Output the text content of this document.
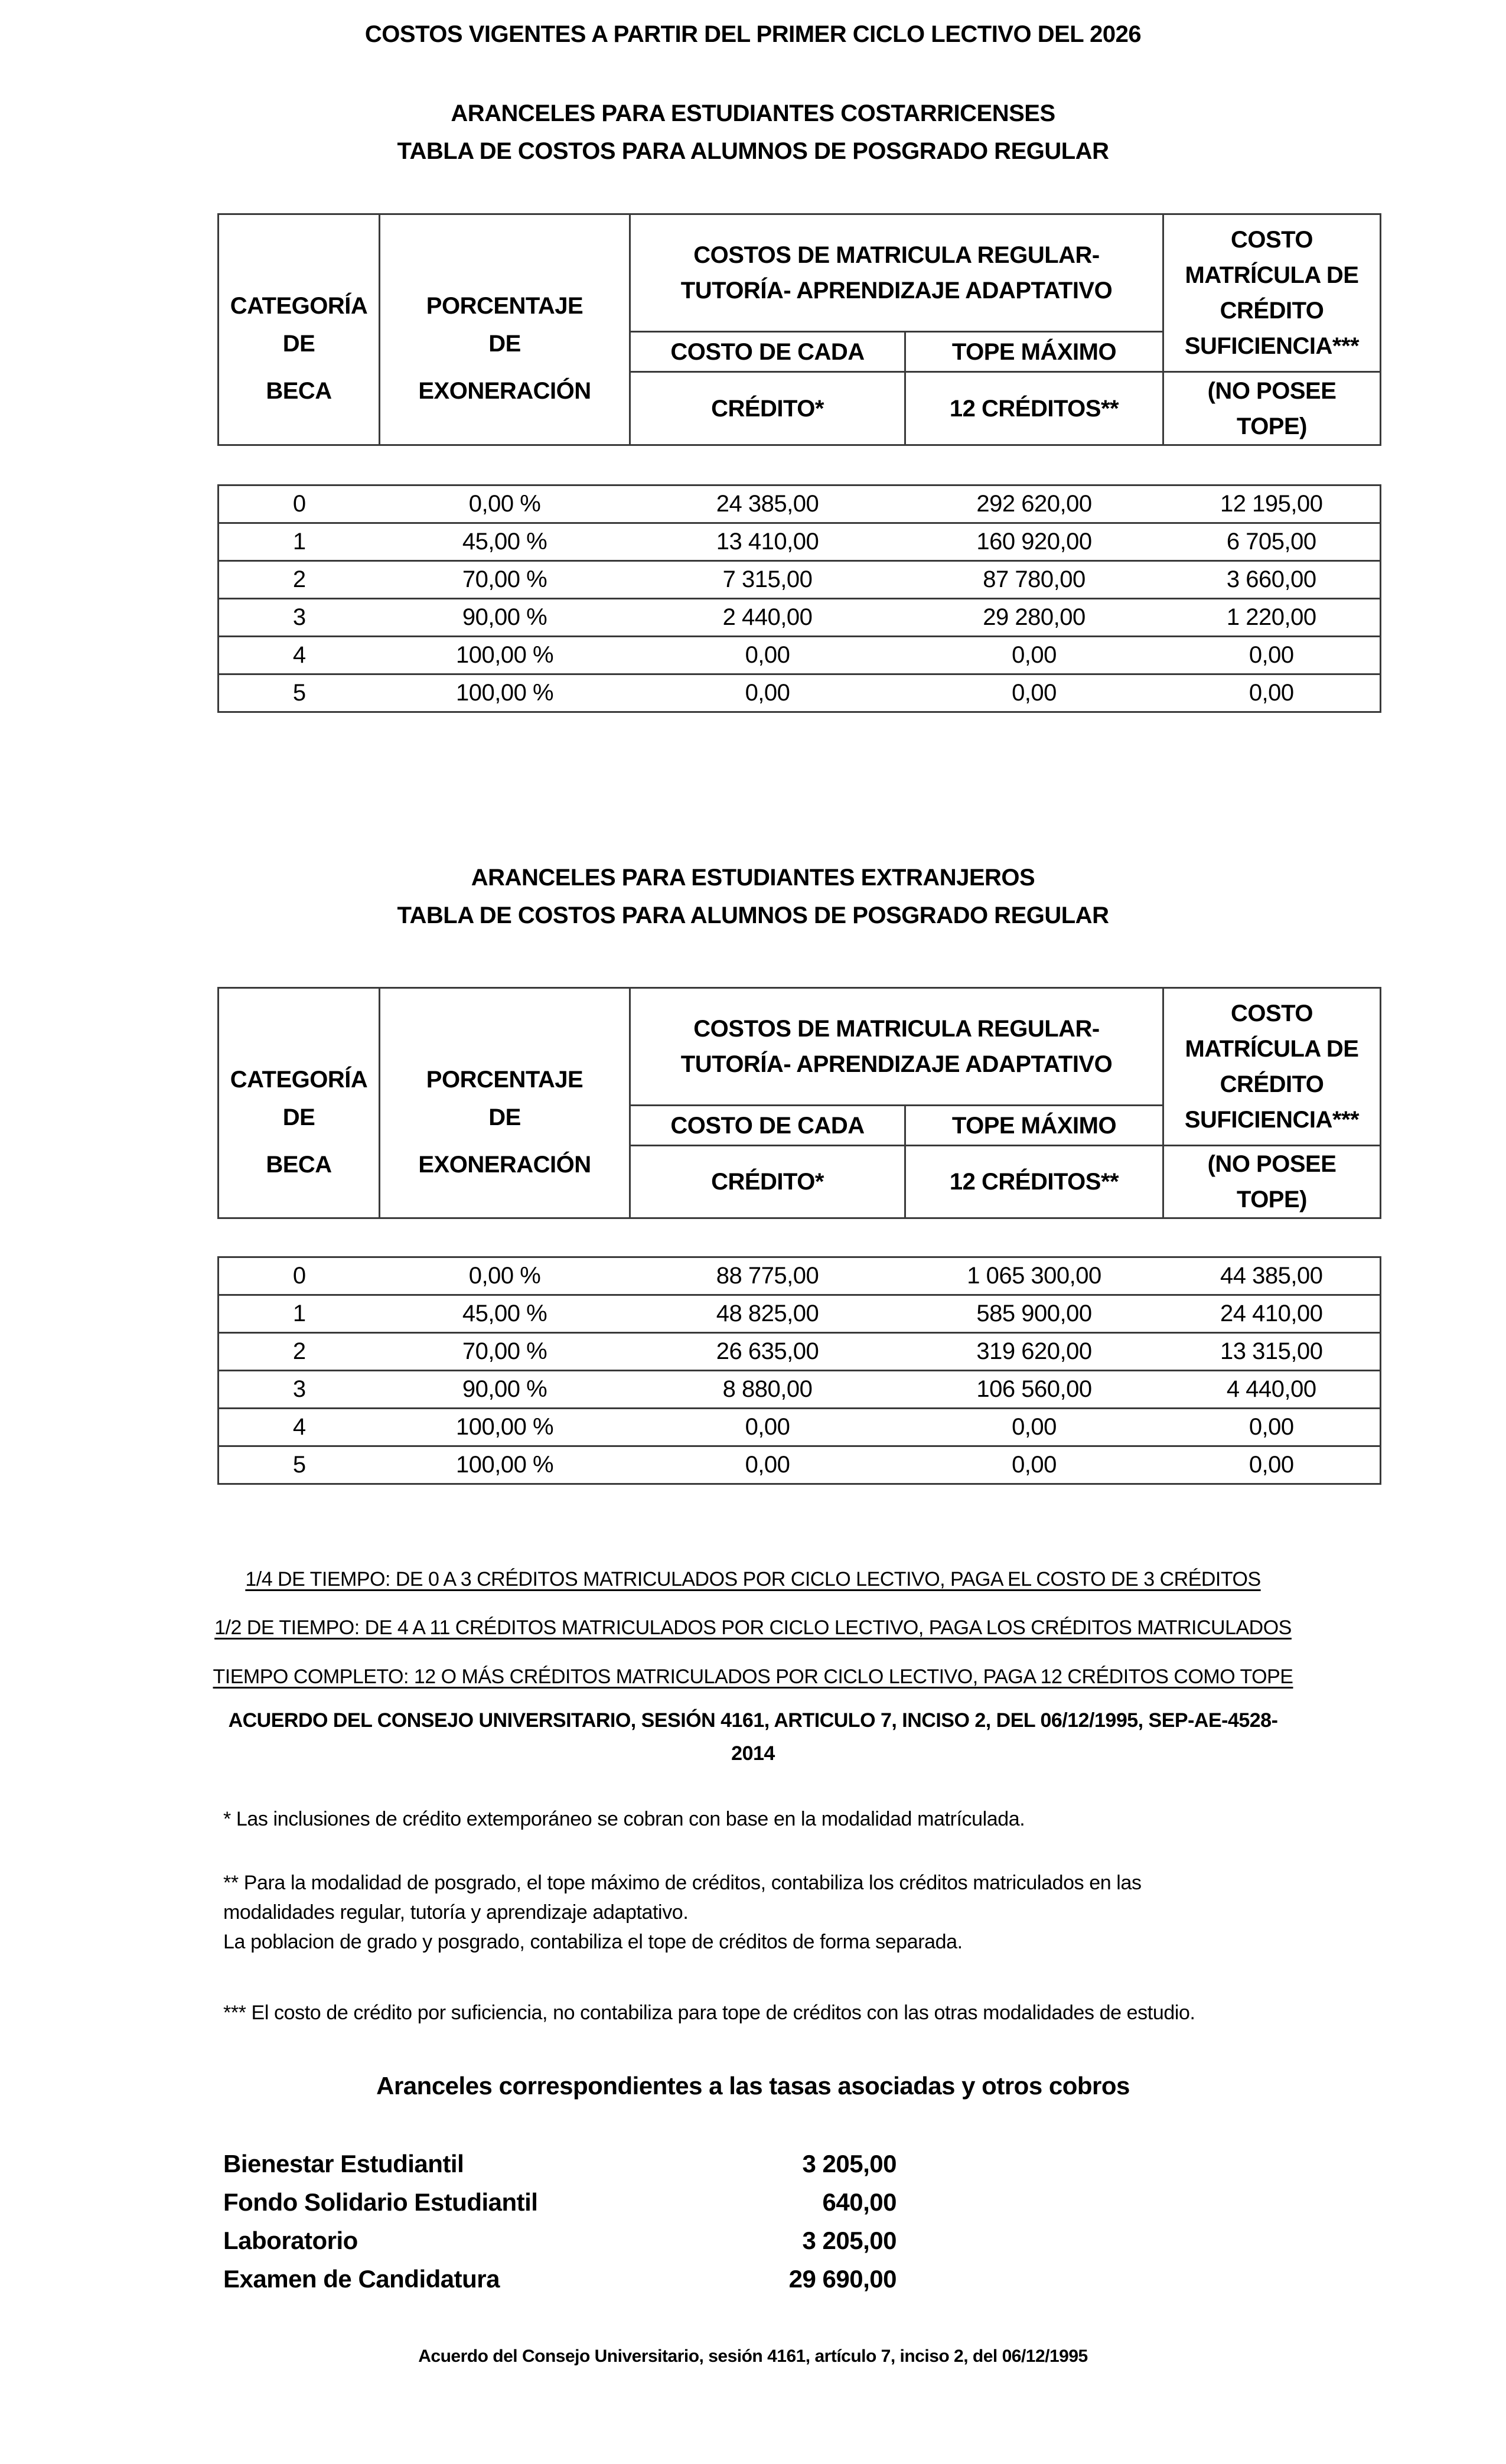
COSTOS VIGENTES A PARTIR DEL PRIMER CICLO LECTIVO DEL 2026
ARANCELES PARA ESTUDIANTES COSTARRICENSES
TABLA DE COSTOS PARA ALUMNOS DE POSGRADO REGULAR
CATEGORÍA
DE
BECA

PORCENTAJE
DE
EXONERACIÓN

COSTOS DE MATRICULA REGULAR-
TUTORÍA- APRENDIZAJE ADAPTATIVO

COSTO
MATRÍCULA DE
CRÉDITO
SUFICIENCIA***

		COSTO DE CADA	TOPE MÁXIMO	
		CRÉDITO*	12 CRÉDITOS**	(NO POSEE
TOPE)
0	0,00 %	24 385,00	292 620,00	12 195,00
1	45,00 %	13 410,00	160 920,00	6 705,00
2	70,00 %	7 315,00	87 780,00	3 660,00
3	90,00 %	2 440,00	29 280,00	1 220,00
4	100,00 %	0,00	0,00	0,00
5	100,00 %	0,00	0,00	0,00
ARANCELES PARA ESTUDIANTES EXTRANJEROS
TABLA DE COSTOS PARA ALUMNOS DE POSGRADO REGULAR
CATEGORÍA
DE
BECA

PORCENTAJE
DE
EXONERACIÓN

COSTOS DE MATRICULA REGULAR-
TUTORÍA- APRENDIZAJE ADAPTATIVO

COSTO
MATRÍCULA DE
CRÉDITO
SUFICIENCIA***

		COSTO DE CADA	TOPE MÁXIMO	
		CRÉDITO*	12 CRÉDITOS**	(NO POSEE
TOPE)
0	0,00 %	88 775,00	1 065 300,00	44 385,00
1	45,00 %	48 825,00	585 900,00	24 410,00
2	70,00 %	26 635,00	319 620,00	13 315,00
3	90,00 %	8 880,00	106 560,00	4 440,00
4	100,00 %	0,00	0,00	0,00
5	100,00 %	0,00	0,00	0,00
1/4 DE TIEMPO: DE 0 A 3 CRÉDITOS MATRICULADOS POR CICLO LECTIVO, PAGA EL COSTO DE 3 CRÉDITOS
1/2 DE TIEMPO: DE 4 A 11 CRÉDITOS MATRICULADOS POR CICLO LECTIVO, PAGA LOS CRÉDITOS MATRICULADOS
TIEMPO COMPLETO: 12 O MÁS CRÉDITOS MATRICULADOS POR CICLO LECTIVO, PAGA 12 CRÉDITOS COMO TOPE
ACUERDO DEL CONSEJO UNIVERSITARIO, SESIÓN 4161, ARTICULO 7, INCISO 2, DEL 06/12/1995, SEP-AE-4528-
2014
* Las inclusiones de crédito extemporáneo se cobran con base en la modalidad matrículada.
** Para la modalidad de posgrado, el tope máximo de créditos, contabiliza los créditos matriculados en las
modalidades regular, tutoría y aprendizaje adaptativo.
La poblacion de grado y posgrado, contabiliza el tope de créditos de forma separada.
*** El costo de crédito por suficiencia, no contabiliza para tope de créditos con las otras modalidades de estudio.
Aranceles correspondientes a las tasas asociadas y otros cobros
Bienestar Estudiantil	3 205,00
Fondo Solidario Estudiantil	640,00
Laboratorio	3 205,00
Examen de Candidatura	29 690,00
Acuerdo del Consejo Universitario, sesión 4161, artículo 7, inciso 2, del 06/12/1995
